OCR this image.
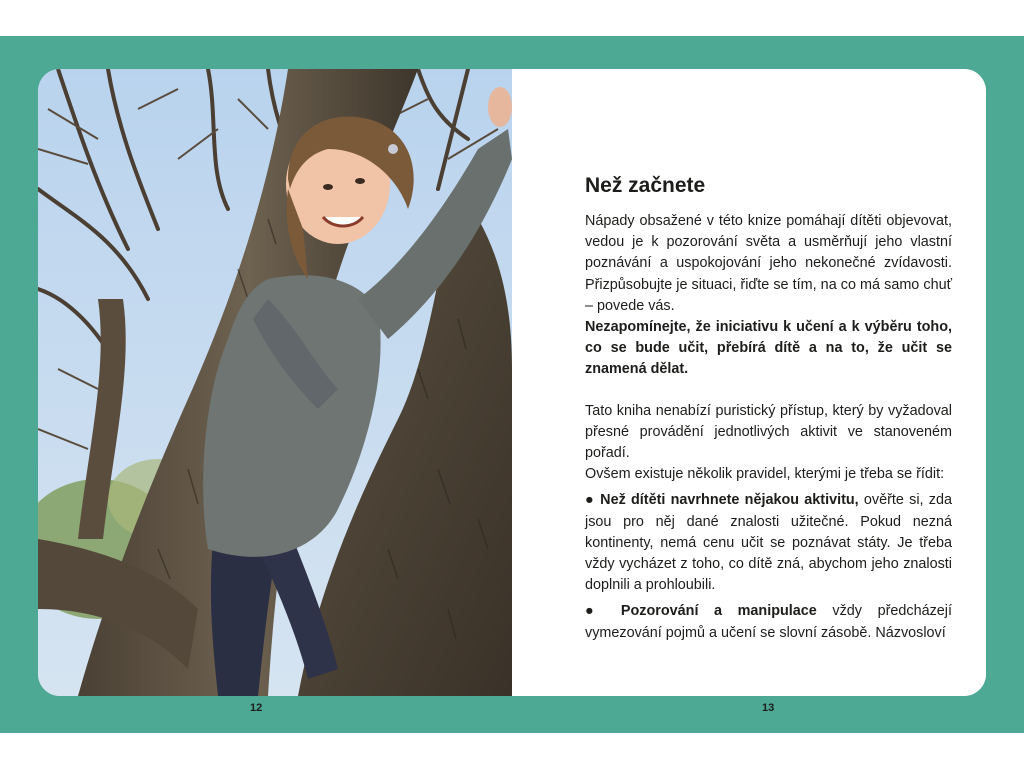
Než začnete

Nápady obsažené v této knize pomáhají dítěti objevovat, vedou je k pozorování světa a usměrňují jeho vlastní poznávání a uspokojování jeho nekonečné zvídavosti. Přizpůsobujte je situaci, řiďte se tím, na co má samo chuť – povede vás.

Nezapomínejte, že iniciativu k učení a k výběru toho, co se bude učit, přebírá dítě a na to, že učit se znamená dělat.

Tato kniha nenabízí puristický přístup, který by vyžadoval přesné provádění jednotlivých aktivit ve stanoveném pořadí.

Ovšem existuje několik pravidel, kterými je třeba se řídit:

● Než dítěti navrhnete nějakou aktivitu, ověřte si, zda jsou pro něj dané znalosti užitečné. Pokud nezná kontinenty, nemá cenu učit se poznávat státy. Je třeba vždy vycházet z toho, co dítě zná, abychom jeho znalosti doplnili a prohloubili.

● Pozorování a manipulace vždy předcházejí vymezování pojmů a učení se slovní zásobě. Názvosloví

12	13
